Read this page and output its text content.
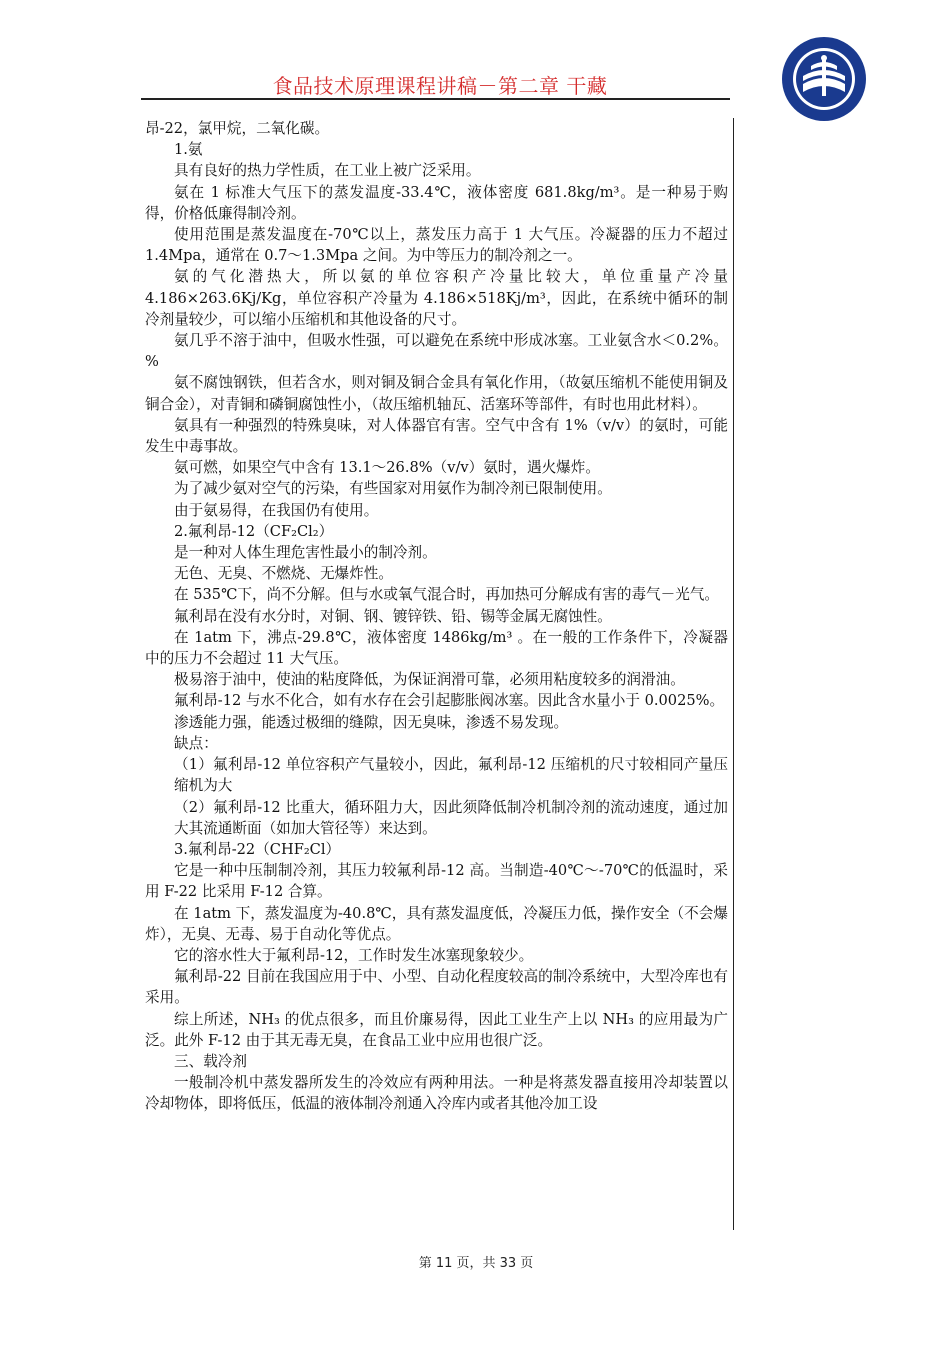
食品技术原理课程讲稿－第二章 干藏

昂-22，氯甲烷，二氧化碳。

1.氨

具有良好的热力学性质，在工业上被广泛采用。

氨在 1 标准大气压下的蒸发温度-33.4℃，液体密度 681.8kg/m³。是一种易于购得，价格低廉得制冷剂。

使用范围是蒸发温度在-70℃以上，蒸发压力高于 1 大气压。冷凝器的压力不超过 1.4Mpa，通常在 0.7～1.3Mpa 之间。为中等压力的制冷剂之一。

氨的气化潜热大，所以氨的单位容积产冷量比较大，单位重量产冷量 4.186×263.6Kj/Kg，单位容积产冷量为 4.186×518Kj/m³，因此，在系统中循环的制冷剂量较少，可以缩小压缩机和其他设备的尺寸。

氨几乎不溶于油中，但吸水性强，可以避免在系统中形成冰塞。工业氨含水＜0.2%。%

氨不腐蚀钢铁，但若含水，则对铜及铜合金具有氧化作用，（故氨压缩机不能使用铜及铜合金），对青铜和磷铜腐蚀性小，（故压缩机轴瓦、活塞环等部件，有时也用此材料）。

氨具有一种强烈的特殊臭味，对人体器官有害。空气中含有 1%（v/v）的氨时，可能发生中毒事故。

氨可燃，如果空气中含有 13.1～26.8%（v/v）氨时，遇火爆炸。

为了减少氨对空气的污染，有些国家对用氨作为制冷剂已限制使用。

由于氨易得，在我国仍有使用。

2.氟利昂-12（CF₂Cl₂）

是一种对人体生理危害性最小的制冷剂。

无色、无臭、不燃烧、无爆炸性。

在 535℃下，尚不分解。但与水或氧气混合时，再加热可分解成有害的毒气－光气。

氟利昂在没有水分时，对铜、钢、镀锌铁、铅、锡等金属无腐蚀性。

在 1atm 下，沸点-29.8℃，液体密度 1486kg/m³ 。在一般的工作条件下，冷凝器中的压力不会超过 11 大气压。

极易溶于油中，使油的粘度降低，为保证润滑可靠，必须用粘度较多的润滑油。

氟利昂-12 与水不化合，如有水存在会引起膨胀阀冰塞。因此含水量小于 0.0025%。

渗透能力强，能透过极细的缝隙，因无臭味，渗透不易发现。

缺点：

（1）氟利昂-12 单位容积产气量较小，因此，氟利昂-12 压缩机的尺寸较相同产量压缩机为大

（2）氟利昂-12 比重大，循环阻力大，因此须降低制冷机制冷剂的流动速度，通过加大其流通断面（如加大管径等）来达到。

3.氟利昂-22（CHF₂Cl）

它是一种中压制制冷剂，其压力较氟利昂-12 高。当制造-40℃～-70℃的低温时，采用 F-22 比采用 F-12 合算。

在 1atm 下，蒸发温度为-40.8℃，具有蒸发温度低，冷凝压力低，操作安全（不会爆炸），无臭、无毒、易于自动化等优点。

它的溶水性大于氟利昂-12，工作时发生冰塞现象较少。

氟利昂-22 目前在我国应用于中、小型、自动化程度较高的制冷系统中，大型冷库也有采用。

综上所述，NH₃ 的优点很多，而且价廉易得，因此工业生产上以 NH₃ 的应用最为广泛。此外 F-12 由于其无毒无臭，在食品工业中应用也很广泛。

三、载冷剂

一般制冷机中蒸发器所发生的冷效应有两种用法。一种是将蒸发器直接用冷却装置以冷却物体，即将低压，低温的液体制冷剂通入冷库内或者其他冷加工设

第 11 页，共 33 页
